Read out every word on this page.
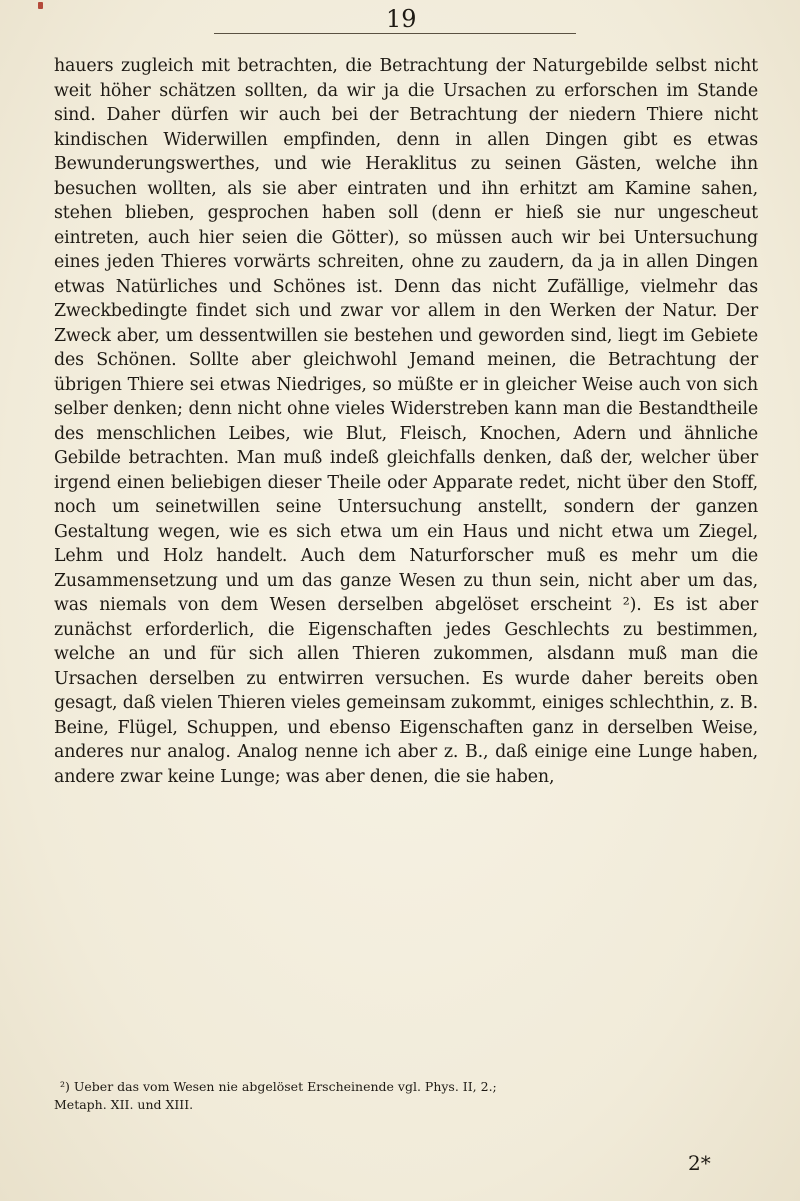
19

hauers zugleich mit betrachten, die Betrachtung der Naturgebilde selbst nicht weit höher schätzen sollten, da wir ja die Ursachen zu erforschen im Stande sind. Daher dürfen wir auch bei der Betrachtung der niedern Thiere nicht kindischen Widerwillen empfinden, denn in allen Dingen gibt es etwas Bewunderungswerthes, und wie Heraklitus zu seinen Gästen, welche ihn besuchen wollten, als sie aber eintraten und ihn erhitzt am Kamine sahen, stehen blieben, gesprochen haben soll (denn er hieß sie nur ungescheut eintreten, auch hier seien die Götter), so müssen auch wir bei Untersuchung eines jeden Thieres vorwärts schreiten, ohne zu zaudern, da ja in allen Dingen etwas Natürliches und Schönes ist. Denn das nicht Zufällige, vielmehr das Zweckbedingte findet sich und zwar vor allem in den Werken der Natur. Der Zweck aber, um dessentwillen sie bestehen und geworden sind, liegt im Gebiete des Schönen. Sollte aber gleichwohl Jemand meinen, die Betrachtung der übrigen Thiere sei etwas Niedriges, so müßte er in gleicher Weise auch von sich selber denken; denn nicht ohne vieles Widerstreben kann man die Bestandtheile des menschlichen Leibes, wie Blut, Fleisch, Knochen, Adern und ähnliche Gebilde betrachten. Man muß indeß gleichfalls denken, daß der, welcher über irgend einen beliebigen dieser Theile oder Apparate redet, nicht über den Stoff, noch um seinetwillen seine Untersuchung anstellt, sondern der ganzen Gestaltung wegen, wie es sich etwa um ein Haus und nicht etwa um Ziegel, Lehm und Holz handelt. Auch dem Naturforscher muß es mehr um die Zusammensetzung und um das ganze Wesen zu thun sein, nicht aber um das, was niemals von dem Wesen derselben abgelöset erscheint ²). Es ist aber zunächst erforderlich, die Eigenschaften jedes Geschlechts zu bestimmen, welche an und für sich allen Thieren zukommen, alsdann muß man die Ursachen derselben zu entwirren versuchen. Es wurde daher bereits oben gesagt, daß vielen Thieren vieles gemeinsam zukommt, einiges schlechthin, z. B. Beine, Flügel, Schuppen, und ebenso Eigenschaften ganz in derselben Weise, anderes nur analog. Analog nenne ich aber z. B., daß einige eine Lunge haben, andere zwar keine Lunge; was aber denen, die sie haben,

²) Ueber das vom Wesen nie abgelöset Erscheinende vgl. Phys. II, 2.;
Metaph. XII. und XIII.
2*
